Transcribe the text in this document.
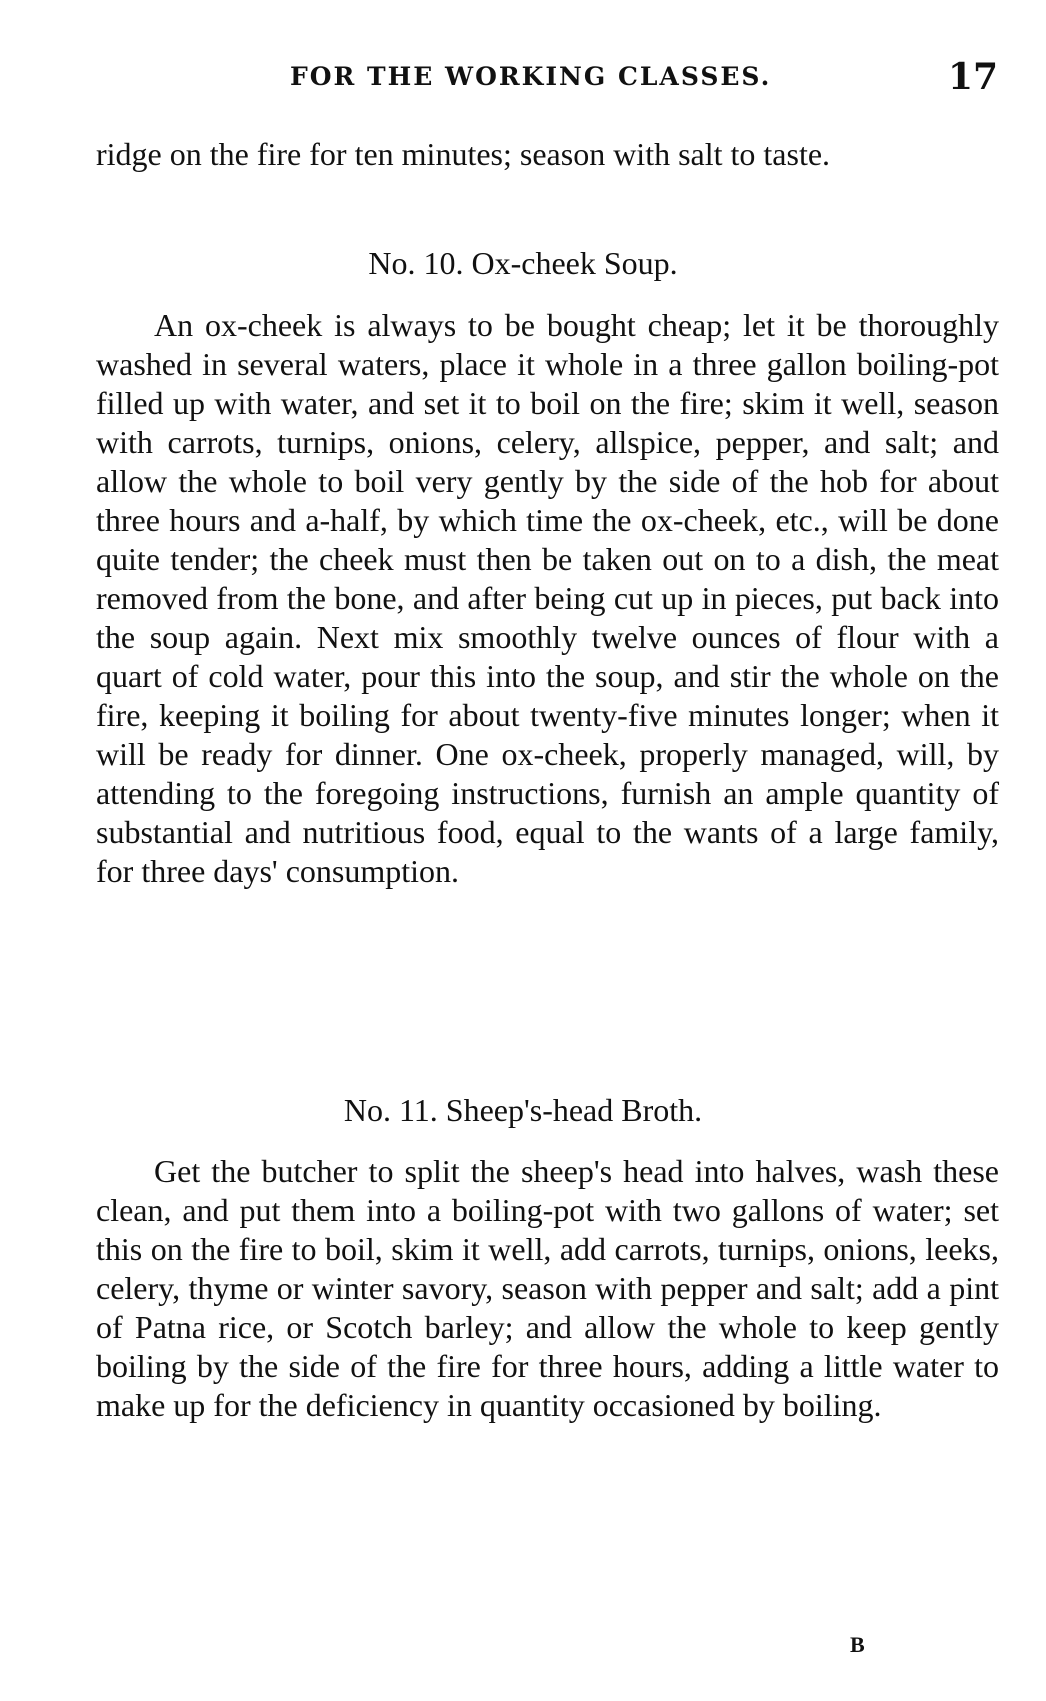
FOR THE WORKING CLASSES.	17

ridge on the fire for ten minutes; season with salt to taste.

No. 10. Ox-cheek Soup.

An ox-cheek is always to be bought cheap; let it be thoroughly washed in several waters, place it whole in a three gallon boiling-pot filled up with water, and set it to boil on the fire; skim it well, season with carrots, turnips, onions, celery, allspice, pepper, and salt; and allow the whole to boil very gently by the side of the hob for about three hours and a-half, by which time the ox-cheek, etc., will be done quite tender; the cheek must then be taken out on to a dish, the meat removed from the bone, and after being cut up in pieces, put back into the soup again. Next mix smoothly twelve ounces of flour with a quart of cold water, pour this into the soup, and stir the whole on the fire, keeping it boiling for about twenty-five minutes longer; when it will be ready for dinner. One ox-cheek, properly managed, will, by attending to the foregoing instructions, furnish an ample quantity of substantial and nutritious food, equal to the wants of a large family, for three days' consumption.

No. 11. Sheep's-head Broth.

Get the butcher to split the sheep's head into halves, wash these clean, and put them into a boiling-pot with two gallons of water; set this on the fire to boil, skim it well, add carrots, turnips, onions, leeks, celery, thyme or winter savory, season with pepper and salt; add a pint of Patna rice, or Scotch barley; and allow the whole to keep gently boiling by the side of the fire for three hours, adding a little water to make up for the deficiency in quantity occasioned by boiling.

B
